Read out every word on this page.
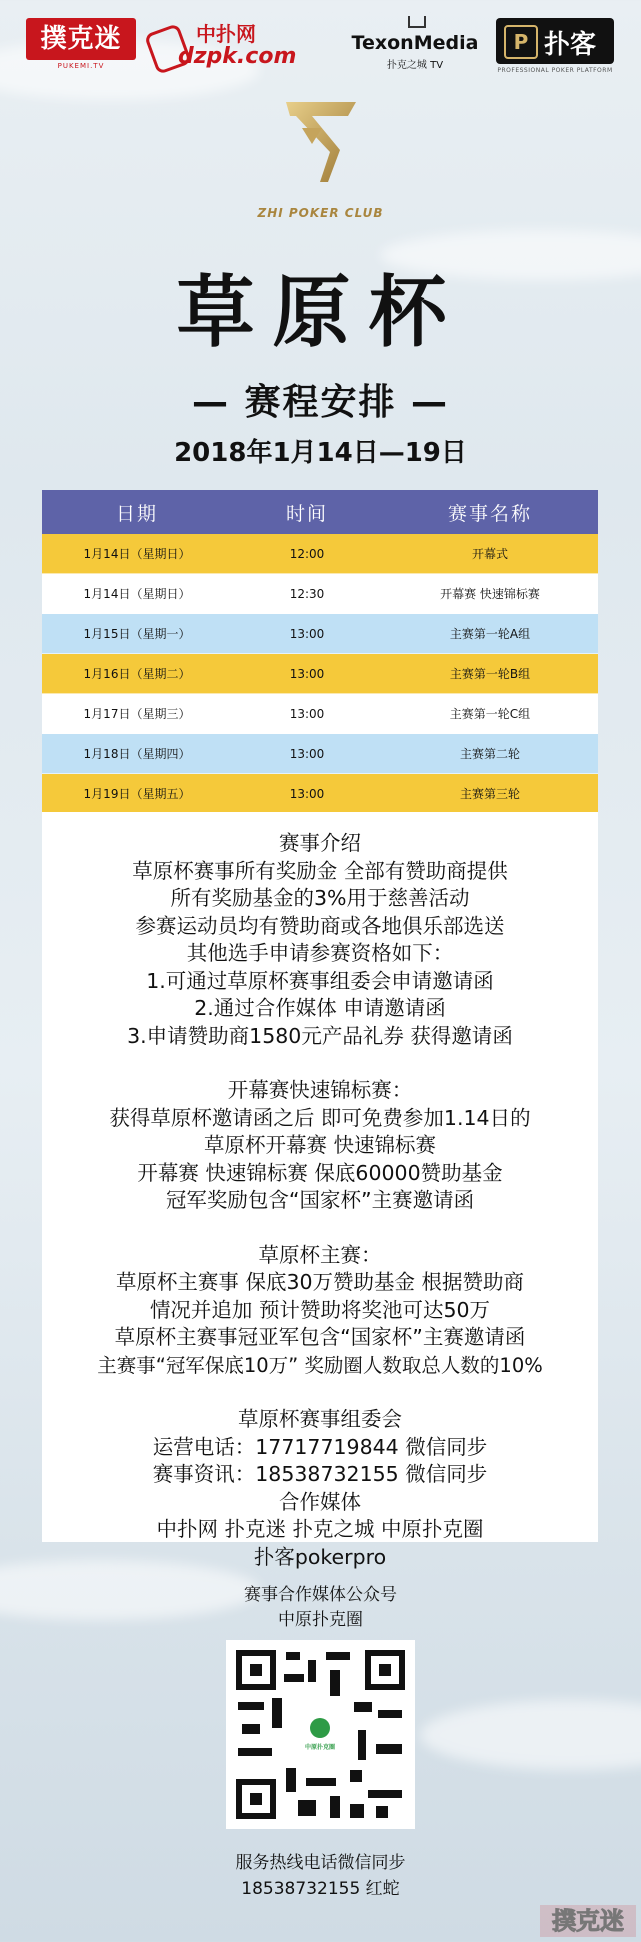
撲克迷
PUKEMI.TV
中扑网
dzpk.com
TexonMedia
扑克之城 TV
P 扑客
PROFESSIONAL POKER PLATFORM
ZHI POKER CLUB
草原杯
— 赛程安排 —
2018年1月14日—19日
日期	时间	赛事名称
1月14日（星期日）	12:00	开幕式
1月14日（星期日）	12:30	开幕赛 快速锦标赛
1月15日（星期一）	13:00	主赛第一轮A组
1月16日（星期二）	13:00	主赛第一轮B组
1月17日（星期三）	13:00	主赛第一轮C组
1月18日（星期四）	13:00	主赛第二轮
1月19日（星期五）	13:00	主赛第三轮
赛事介绍
草原杯赛事所有奖励金 全部有赞助商提供
所有奖励基金的3%用于慈善活动
参赛运动员均有赞助商或各地俱乐部选送
其他选手申请参赛资格如下：
1.可通过草原杯赛事组委会申请邀请函
2.通过合作媒体 申请邀请函
3.申请赞助商1580元产品礼券 获得邀请函
开幕赛快速锦标赛：
获得草原杯邀请函之后 即可免费参加1.14日的
草原杯开幕赛 快速锦标赛
开幕赛 快速锦标赛 保底60000赞助基金
冠军奖励包含“国家杯”主赛邀请函
草原杯主赛：
草原杯主赛事 保底30万赞助基金 根据赞助商
情况并追加 预计赞助将奖池可达50万
草原杯主赛事冠亚军包含“国家杯”主赛邀请函
主赛事“冠军保底10万” 奖励圈人数取总人数的10%
草原杯赛事组委会
运营电话：17717719844 微信同步
赛事资讯：18538732155 微信同步
合作媒体
中扑网 扑克迷 扑克之城 中原扑克圈
扑客pokerpro
赛事合作媒体公众号
中原扑克圈
中原扑克圈
服务热线电话微信同步
18538732155 红蛇
撲克迷
